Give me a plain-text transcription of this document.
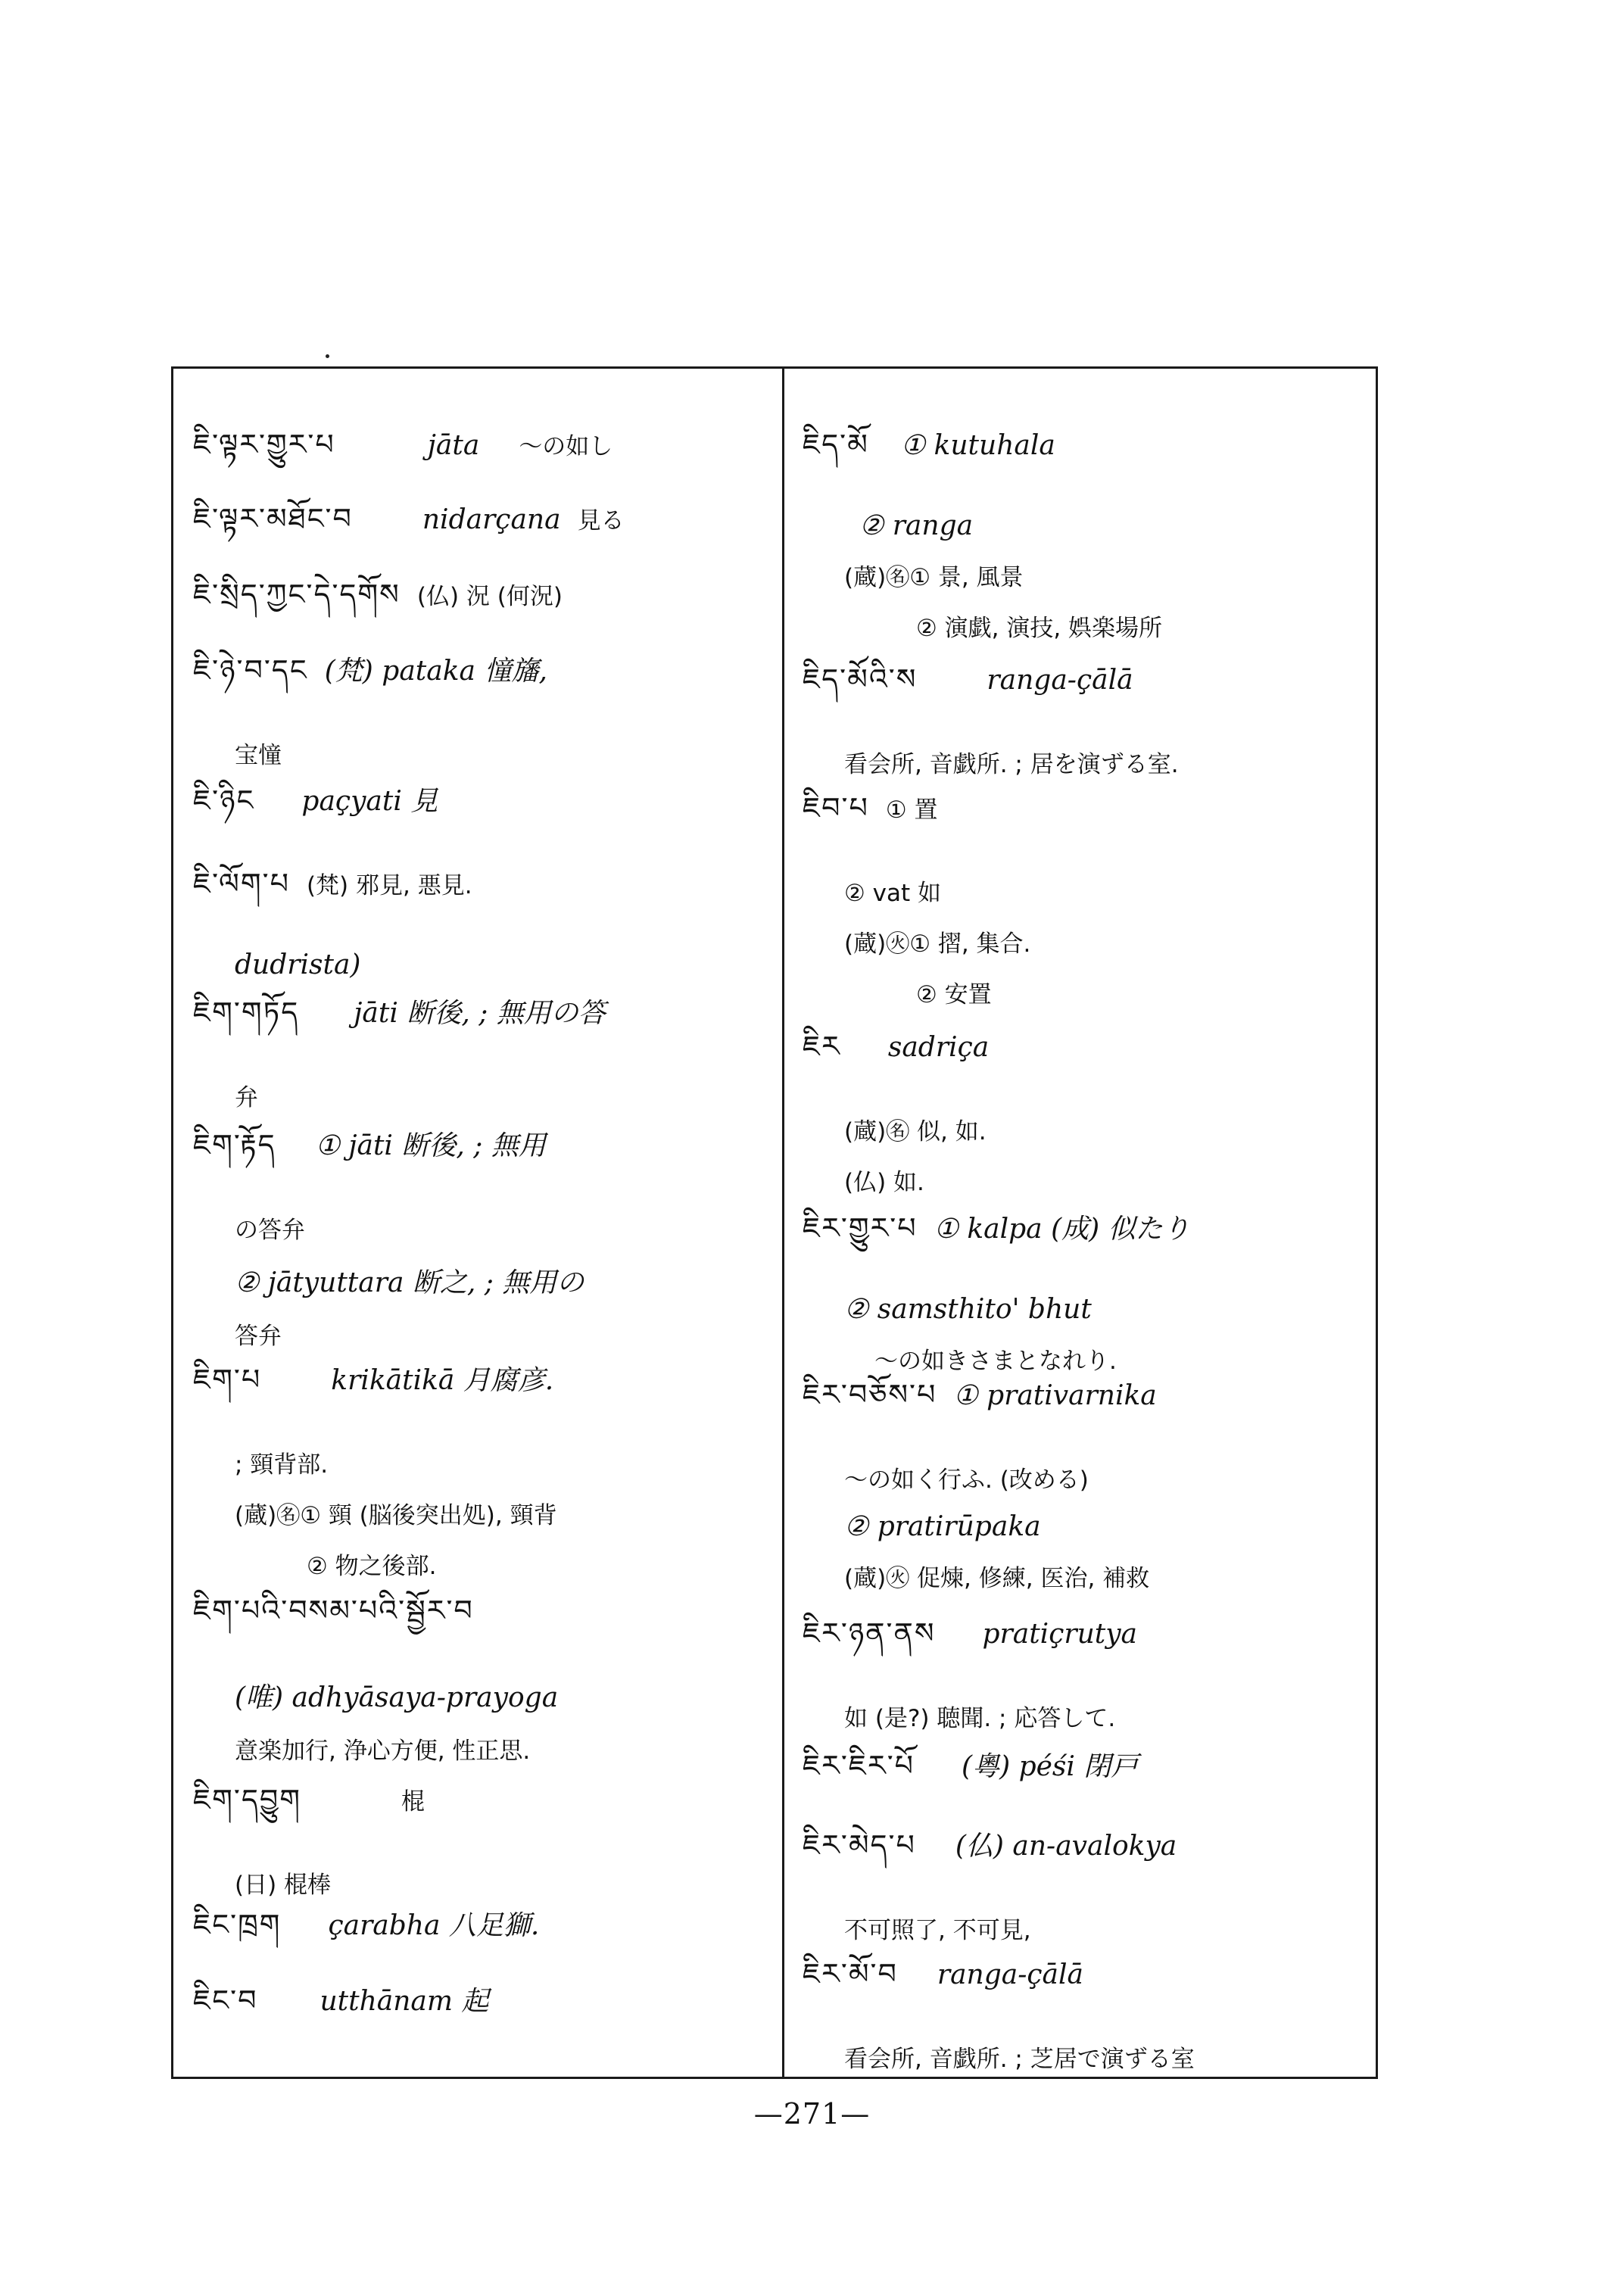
ཇི་ལྟར་གྱུར་པ	jāta 〜の如し
ཇི་ལྟར་མཐོང་བ	nidarçana 見る
ཇི་སྲིད་ཀྱང་དེ་དགོས (仏) 況 (何況)
ཇི་ཉེ་བ་དང (梵) pataka 憧旛,
宝憧
ཇི་ཉིང paçyati 見
ཇི་ལོག་པ (梵) 邪見, 悪見.
dudrista)
ཇིག་གཏོད jāti 断後, ; 無用の答
弁
ཇིག་རྟོད ① jāti 断後, ; 無用
の答弁
② jātyuttara 断之, ; 無用の
答弁
ཇིག་པ	krikātikā 月腐彦.
; 頸背部.
(蔵)㊔① 頸 (脳後突出処), 頸背
② 物之後部.
ཇིག་པའི་བསམ་པའི་སྦྱོར་བ
(唯) adhyāsaya-prayoga
意楽加行, 浄心方便, 性正思.
ཇིག་དབྱུག	棍
(日) 棍棒
ཇིང་ཁྲག çarabha 八足獅.
ཇིང་བ utthānam 起
ཇིད་མོ ① kutuhala
② ranga
(蔵)㊔① 景, 風景
② 演戯, 演技, 娯楽場所
ཇིད་མོའི་ས	ranga-çālā
看会所, 音戯所. ; 居を演ずる室.
ཇིབ་པ ① 置
② vat 如
(蔵)㊋① 摺, 集合.
② 安置
ཇིར sadriça
(蔵)㊔ 似, 如.
(仏) 如.
ཇིར་གྱུར་པ ① kalpa (成) 似たり
② samsthito' bhut
〜の如きさまとなれり.
ཇིར་བཅོས་པ ① prativarnika
〜の如く行ふ. (改める)
② pratirūpaka
(蔵)㊋ 促煉, 修練, 医治, 補救
ཇིར་ཉན་ནས pratiçrutya
如 (是?) 聴聞. ; 応答して.
ཇིར་ཇིར་པོ (粵) péśi 閉戸
ཇིར་མེད་པ (仏) an-avalokya
不可照了, 不可見,
ཇིར་མོ་བ ranga-çālā
看会所, 音戯所. ; 芝居で演ずる室
—271—
